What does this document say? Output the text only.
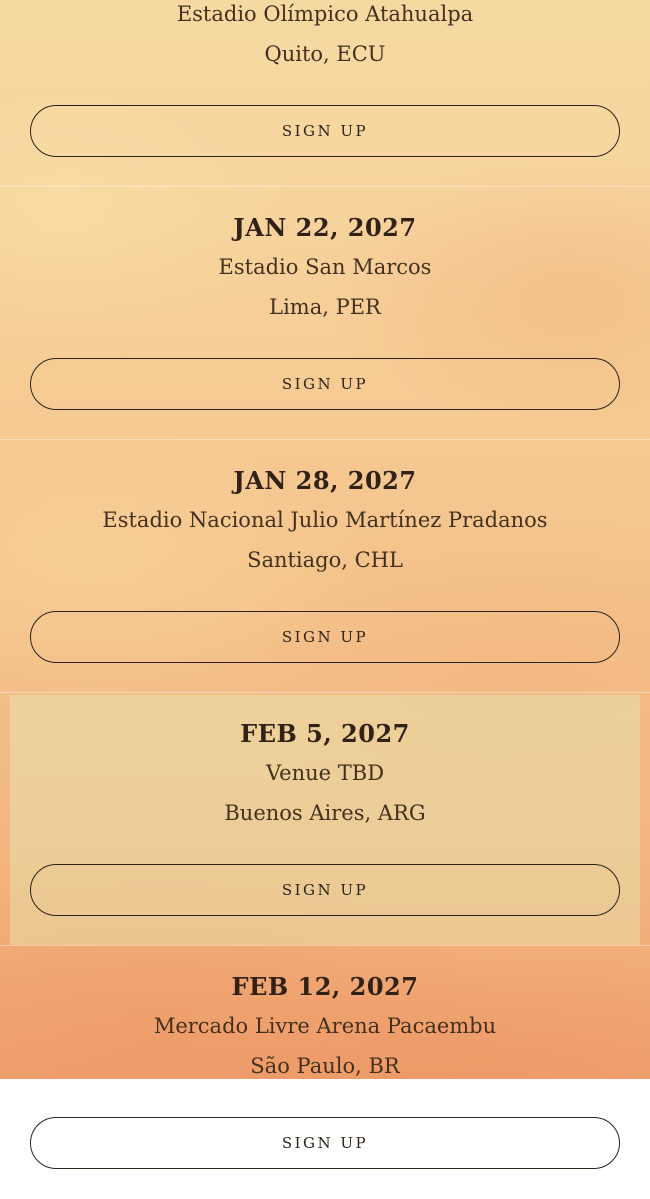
Estadio Olímpico Atahualpa
Quito, ECU
SIGN UP
JAN 22, 2027
Estadio San Marcos
Lima, PER
SIGN UP
JAN 28, 2027
Estadio Nacional Julio Martínez Pradanos
Santiago, CHL
SIGN UP
FEB 5, 2027
Venue TBD
Buenos Aires, ARG
SIGN UP
FEB 12, 2027
Mercado Livre Arena Pacaembu
São Paulo, BR
SIGN UP
